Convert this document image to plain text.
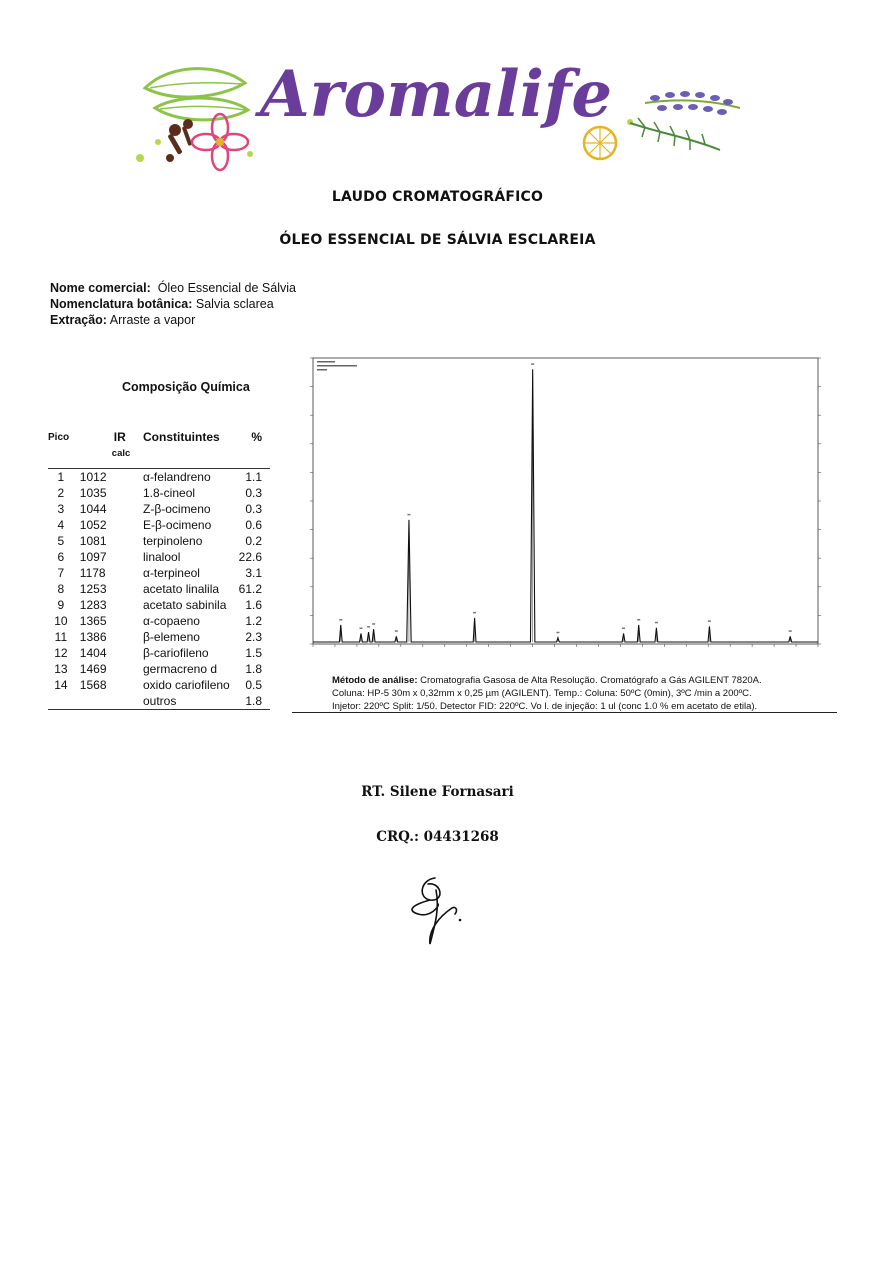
Aromalife
LAUDO CROMATOGRÁFICO
ÓLEO ESSENCIAL DE SÁLVIA ESCLAREIA
Nome comercial: Óleo Essencial de Sálvia
Nomenclatura botânica: Salvia sclarea
Extração: Arraste a vapor
Composição Química
Pico	IR	Constituintes	%
	calc		
1	1012	α-felandreno	1.1
2	1035	1.8-cineol	0.3
3	1044	Z-β-ocimeno	0.3
4	1052	E-β-ocimeno	0.6
5	1081	terpinoleno	0.2
6	1097	linalool	22.6
7	1178	α-terpineol	3.1
8	1253	acetato linalila	61.2
9	1283	acetato sabinila	1.6
10	1365	α-copaeno	1.2
11	1386	β-elemeno	2.3
12	1404	β-cariofileno	1.5
13	1469	germacreno d	1.8
14	1568	oxido cariofileno	0.5
		outros	1.8
Método de análise: Cromatografia Gasosa de Alta Resolução. Cromatógrafo a Gás AGILENT 7820A.
Coluna: HP-5 30m x 0,32mm x 0,25 µm (AGILENT). Temp.: Coluna: 50ºC (0min), 3ºC /min a 200ºC.
Injetor: 220ºC Split: 1/50. Detector FID: 220ºC. Vo l. de injeção: 1 ul (conc 1.0 % em acetato de etila).
RT. Silene Fornasari
CRQ.: 04431268
